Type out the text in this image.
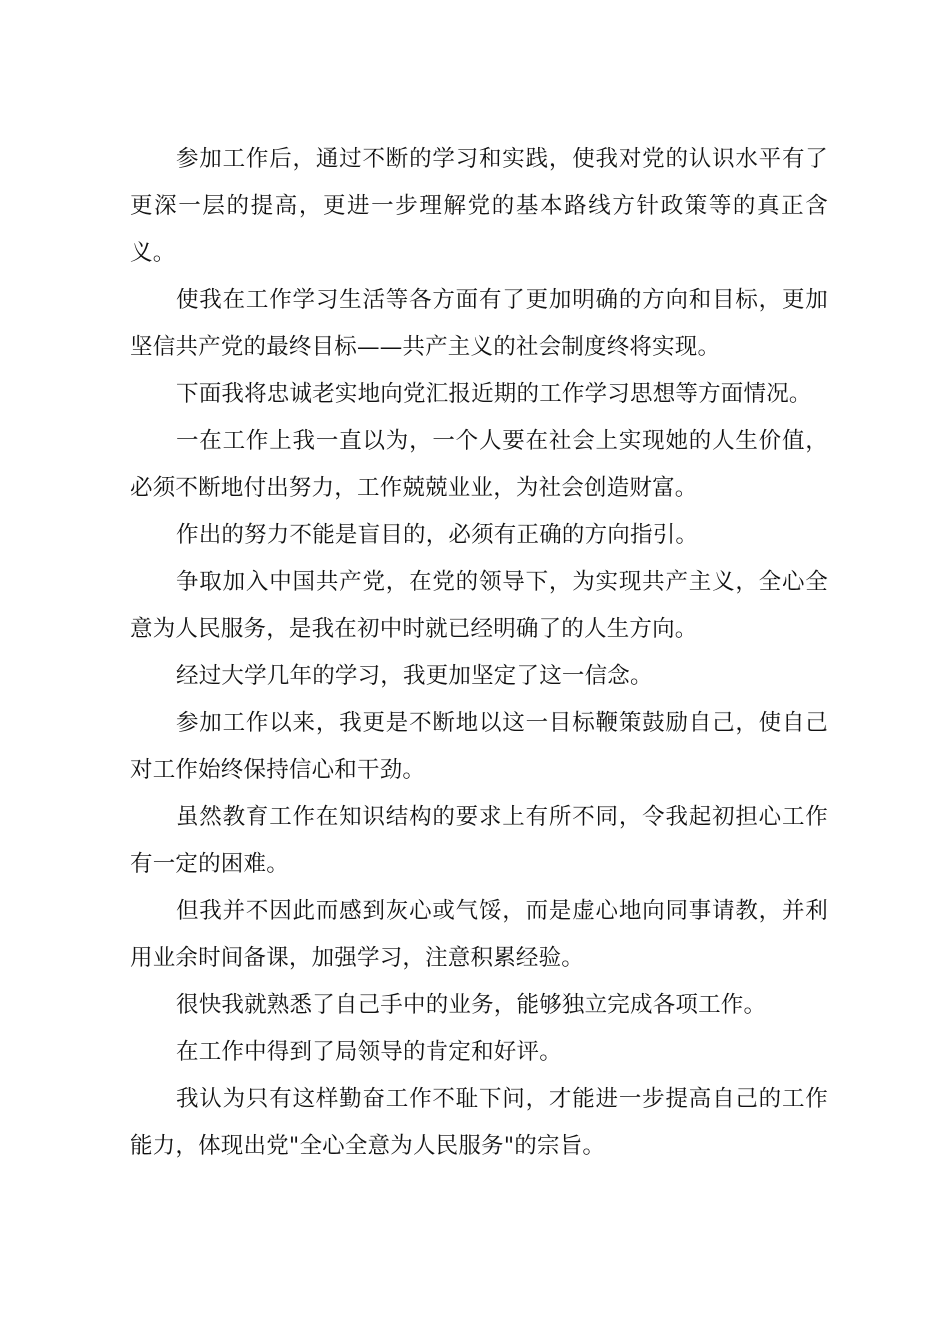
参加工作后，通过不断的学习和实践，使我对党的认识水平有了更深一层的提高，更进一步理解党的基本路线方针政策等的真正含义。

使我在工作学习生活等各方面有了更加明确的方向和目标，更加坚信共产党的最终目标——共产主义的社会制度终将实现。

下面我将忠诚老实地向党汇报近期的工作学习思想等方面情况。

一在工作上我一直以为，一个人要在社会上实现她的人生价值，必须不断地付出努力，工作兢兢业业，为社会创造财富。

作出的努力不能是盲目的，必须有正确的方向指引。

争取加入中国共产党，在党的领导下，为实现共产主义，全心全意为人民服务，是我在初中时就已经明确了的人生方向。

经过大学几年的学习，我更加坚定了这一信念。

参加工作以来，我更是不断地以这一目标鞭策鼓励自己，使自己对工作始终保持信心和干劲。

虽然教育工作在知识结构的要求上有所不同，令我起初担心工作有一定的困难。

但我并不因此而感到灰心或气馁，而是虚心地向同事请教，并利用业余时间备课，加强学习，注意积累经验。

很快我就熟悉了自己手中的业务，能够独立完成各项工作。

在工作中得到了局领导的肯定和好评。

我认为只有这样勤奋工作不耻下问，才能进一步提高自己的工作能力，体现出党"全心全意为人民服务"的宗旨。
